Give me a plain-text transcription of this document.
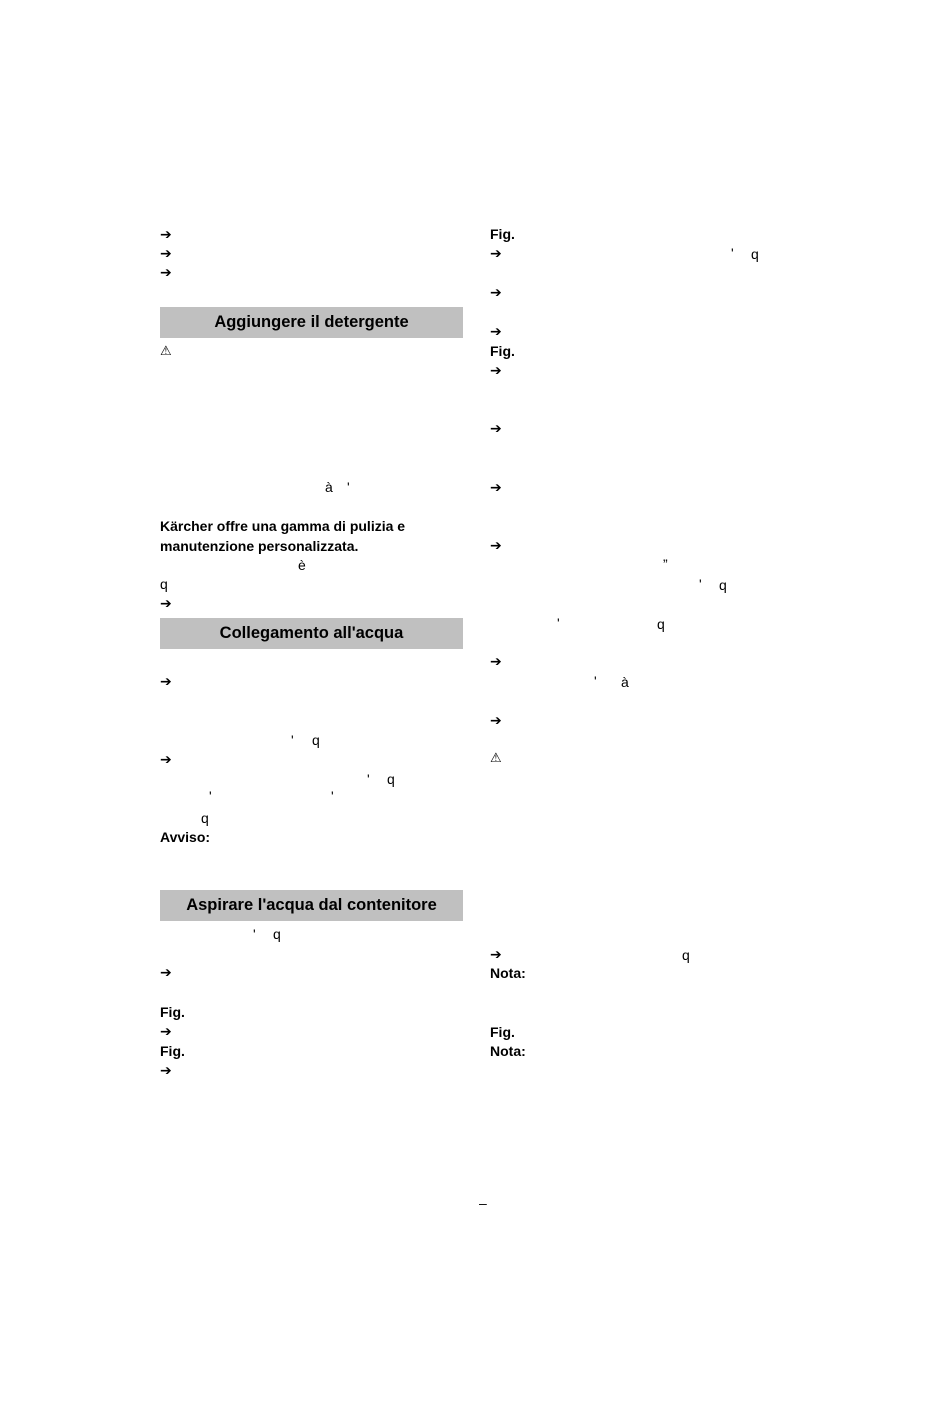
➔
➔
➔
Aggiungere il detergente
⚠
à '
Kärcher offre una gamma di pulizia e
manutenzione personalizzata.
è
q
➔
Collegamento all'acqua
➔
' q
➔
' q
'	'
q
Avviso:
Aspirare l'acqua dal contenitore
' q
➔
Fig.
➔
Fig.
➔
Fig.
➔	' q
➔
➔
Fig.
➔
➔
➔
➔
”
' q
'	q
➔
' à
➔
⚠
➔	q
Nota:
Fig.
Nota:
–
